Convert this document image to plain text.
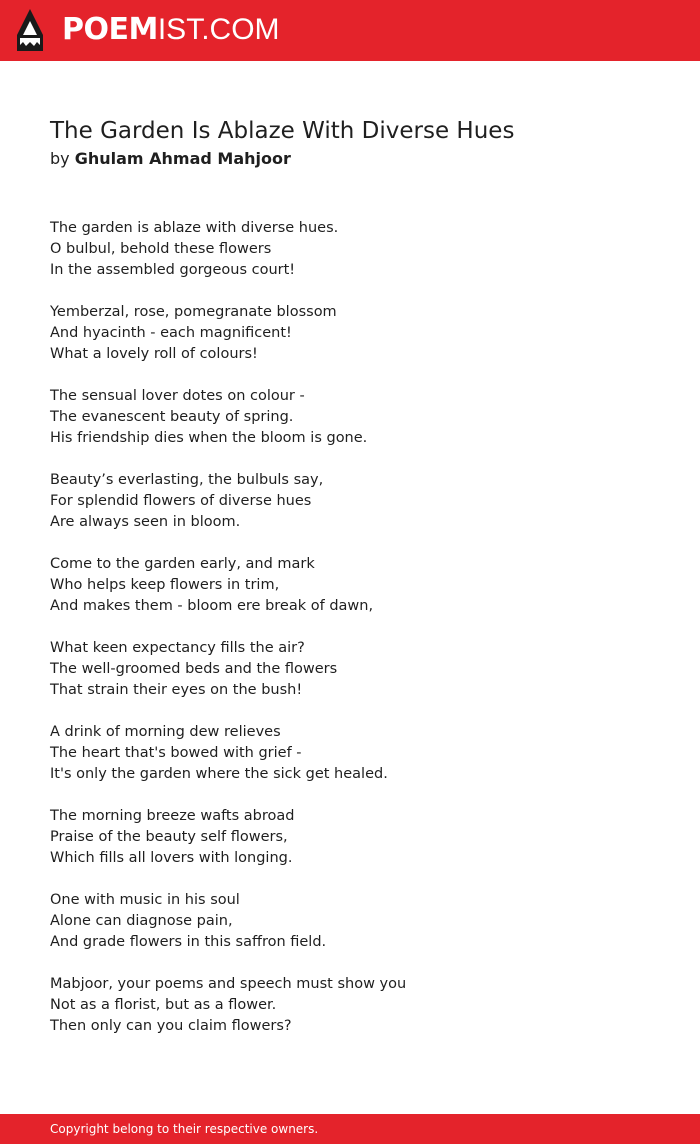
POEMIST.COM
The Garden Is Ablaze With Diverse Hues
by Ghulam Ahmad Mahjoor
The garden is ablaze with diverse hues.
O bulbul, behold these flowers
In the assembled gorgeous court!
Yemberzal, rose, pomegranate blossom
And hyacinth - each magnificent!
What a lovely roll of colours!
The sensual lover dotes on colour -
The evanescent beauty of spring.
His friendship dies when the bloom is gone.
Beauty’s everlasting, the bulbuls say,
For splendid flowers of diverse hues
Are always seen in bloom.
Come to the garden early, and mark
Who helps keep flowers in trim,
And makes them - bloom ere break of dawn,
What keen expectancy fills the air?
The well-groomed beds and the flowers
That strain their eyes on the bush!
A drink of morning dew relieves
The heart that's bowed with grief -
It's only the garden where the sick get healed.
The morning breeze wafts abroad
Praise of the beauty self flowers,
Which fills all lovers with longing.
One with music in his soul
Alone can diagnose pain,
And grade flowers in this saffron field.
Mabjoor, your poems and speech must show you
Not as a florist, but as a flower.
Then only can you claim flowers?
Copyright belong to their respective owners.
